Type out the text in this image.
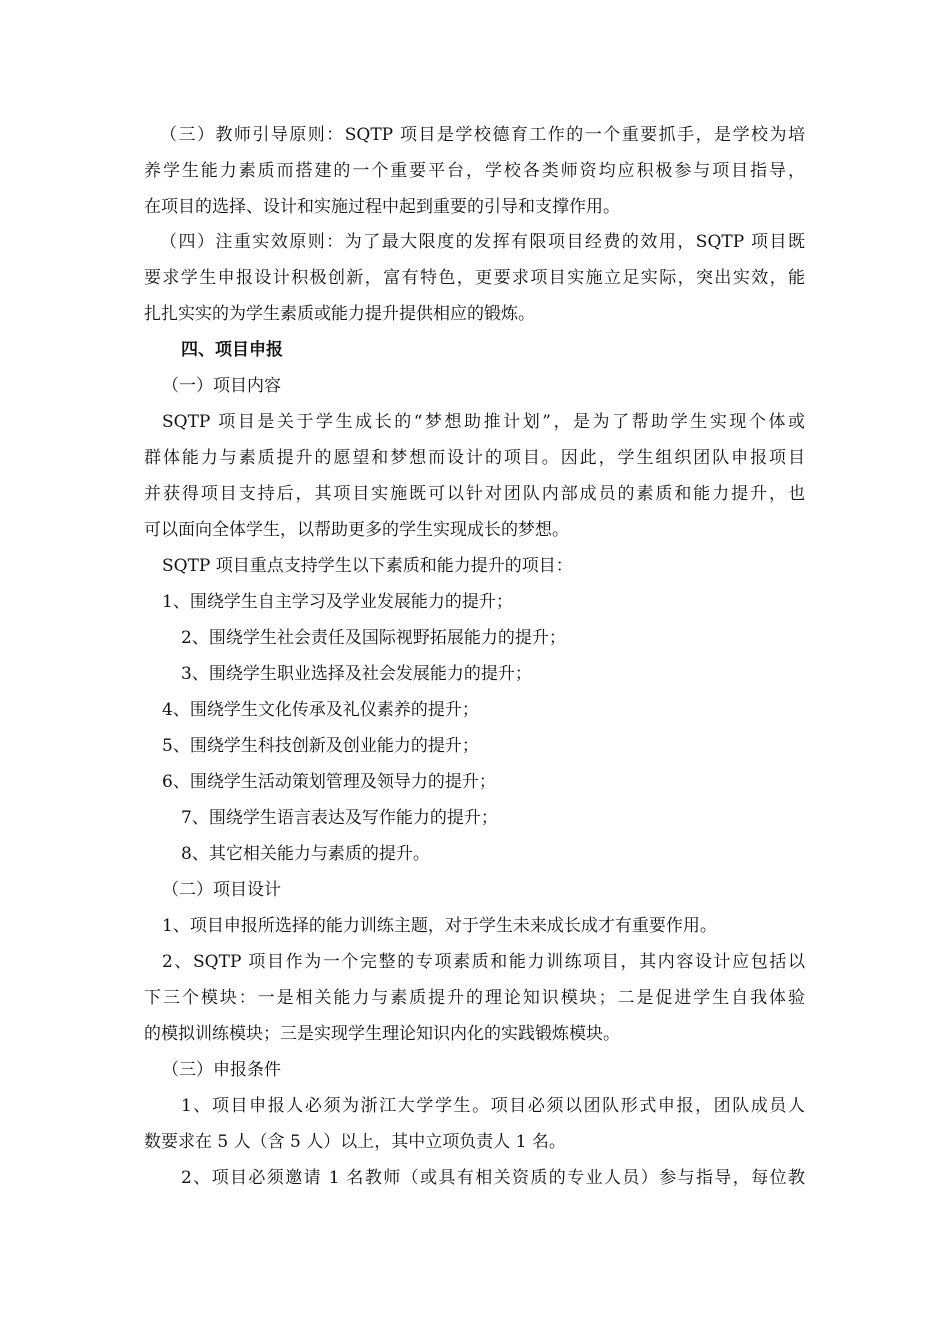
（三）教师引导原则：SQTP 项目是学校德育工作的一个重要抓手，是学校为培

养学生能力素质而搭建的一个重要平台，学校各类师资均应积极参与项目指导，

在项目的选择、设计和实施过程中起到重要的引导和支撑作用。

（四）注重实效原则：为了最大限度的发挥有限项目经费的效用，SQTP 项目既

要求学生申报设计积极创新，富有特色，更要求项目实施立足实际，突出实效，能

扎扎实实的为学生素质或能力提升提供相应的锻炼。

四、项目申报

（一）项目内容

SQTP 项目是关于学生成长的“梦想助推计划”，是为了帮助学生实现个体或

群体能力与素质提升的愿望和梦想而设计的项目。因此，学生组织团队申报项目

并获得项目支持后，其项目实施既可以针对团队内部成员的素质和能力提升，也

可以面向全体学生，以帮助更多的学生实现成长的梦想。

SQTP 项目重点支持学生以下素质和能力提升的项目：

1、围绕学生自主学习及学业发展能力的提升；

2、围绕学生社会责任及国际视野拓展能力的提升；

3、围绕学生职业选择及社会发展能力的提升；

4、围绕学生文化传承及礼仪素养的提升；

5、围绕学生科技创新及创业能力的提升；

6、围绕学生活动策划管理及领导力的提升；

7、围绕学生语言表达及写作能力的提升；

8、其它相关能力与素质的提升。

（二）项目设计

1、项目申报所选择的能力训练主题，对于学生未来成长成才有重要作用。

2、SQTP 项目作为一个完整的专项素质和能力训练项目，其内容设计应包括以

下三个模块：一是相关能力与素质提升的理论知识模块；二是促进学生自我体验

的模拟训练模块；三是实现学生理论知识内化的实践锻炼模块。

（三）申报条件

1、项目申报人必须为浙江大学学生。项目必须以团队形式申报，团队成员人

数要求在 5 人（含 5 人）以上，其中立项负责人 1 名。

2、项目必须邀请 1 名教师（或具有相关资质的专业人员）参与指导，每位教
